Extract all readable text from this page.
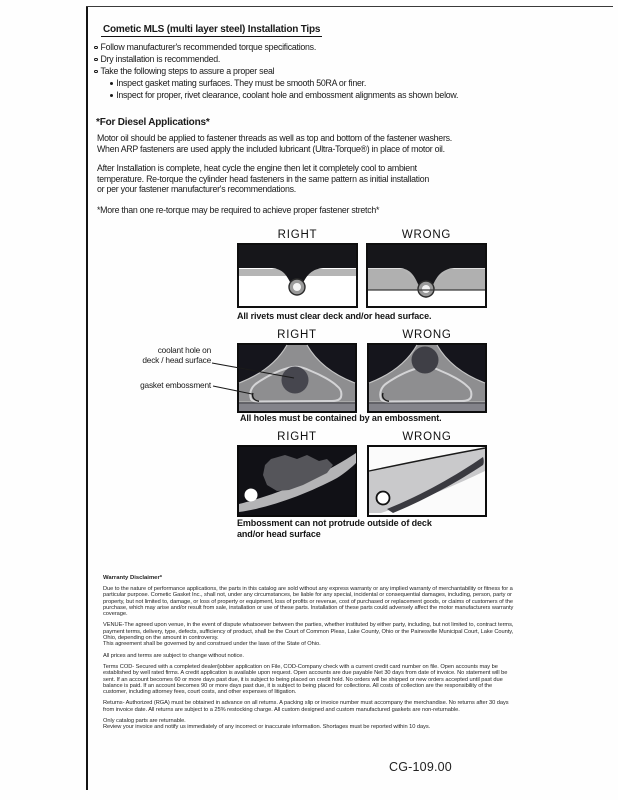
Cometic MLS (multi layer steel) Installation Tips
Follow manufacturer's recommended torque specifications.
Dry installation is recommended.
Take the following steps to assure a proper seal
Inspect gasket mating surfaces. They must be smooth 50RA or finer.
Inspect for proper, rivet clearance, coolant hole and embossment alignments as shown below.
*For Diesel Applications*
Motor oil should be applied to fastener threads as well as top and bottom of the fastener washers.
When ARP fasteners are used apply the included lubricant (Ultra-Torque®) in place of motor oil.
After Installation is complete, heat cycle the engine then let it completely cool to ambient
temperature. Re-torque the cylinder head fasteners in the same pattern as initial installation
or per your fastener manufacturer's recommendations.
*More than one re-torque may be required to achieve proper fastener stretch*
RIGHT	WRONG
All rivets must clear deck and/or head surface.
RIGHT	WRONG
coolant hole on
deck / head surface
gasket embossment
All holes must be contained by an embossment.
RIGHT	WRONG
Embossment can not protrude outside of deck
and/or head surface
Warranty Disclaimer*
Due to the nature of performance applications, the parts in this catalog are sold without any express warranty or any implied warranty of merchantability or fitness for a particular purpose. Cometic Gasket Inc., shall not, under any circumstances, be liable for any special, incidental or consequential damages, including, person, party or property, but not limited to, damage, or loss of property or equipment, loss of profits or revenue, cost of purchased or replacement goods, or claims of customers of the purchase, which may arise and/or result from sale, installation or use of these parts. Installation of these parts could adversely affect the motor manufacturers warranty coverage.
VENUE-The agreed upon venue, in the event of dispute whatsoever between the parties, whether instituted by either party, including, but not limited to, contract terms, payment terms, delivery, type, defects, sufficiency of product, shall be the Court of Common Pleas, Lake County, Ohio or the Painesville Municipal Court, Lake County, Ohio, depending on the amount in controversy.
This agreement shall be governed by and construed under the laws of the State of Ohio.
All prices and terms are subject to change without notice.
Terms COD- Secured with a completed dealer/jobber application on File, COD-Company check with a current credit card number on file. Open accounts may be established by well rated firms. A credit application is available upon request. Open accounts are due payable Net 30 days from date of invoice. No statement will be sent. If an account becomes 60 or more days past due, it is subject to being placed on credit hold. No orders will be shipped or new orders accepted until past due balance is paid. If an account becomes 90 or more days past due, it is subject to being placed for collections. All costs of collection are the responsibility of the customer, including attorney fees, court costs, and other expenses of litigation.
Returns- Authorized (RGA) must be obtained in advance on all returns. A packing slip or invoice number must accompany the merchandise. No returns after 30 days from invoice date. All returns are subject to a 25% restocking charge. All custom designed and custom manufactured gaskets are non-returnable.
Only catalog parts are returnable.
Review your invoice and notify us immediately of any incorrect or inaccurate information. Shortages must be reported within 10 days.
CG-109.00
